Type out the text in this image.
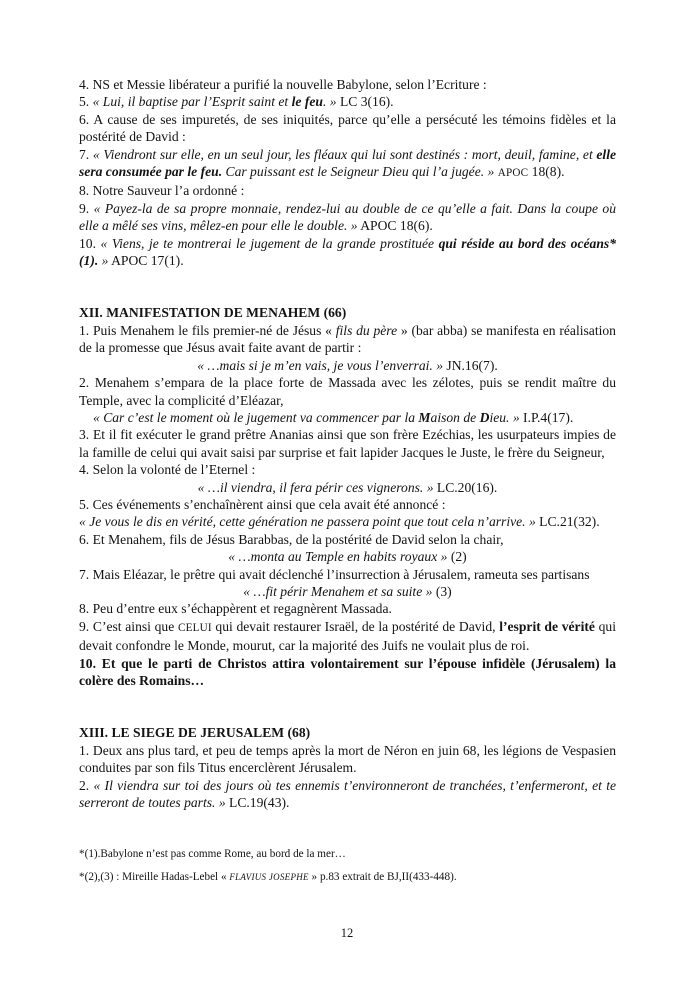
4. NS et Messie libérateur a purifié la nouvelle Babylone, selon l’Ecriture :

5. « Lui, il baptise par l’Esprit saint et le feu. » LC 3(16).

6. A cause de ses impuretés, de ses iniquités, parce qu’elle a persécuté les témoins fidèles et la postérité de David :

7. « Viendront sur elle, en un seul jour, les fléaux qui lui sont destinés : mort, deuil, famine, et elle sera consumée par le feu. Car puissant est le Seigneur Dieu qui l’a jugée. » APOC 18(8).

8. Notre Sauveur l’a ordonné :

9. « Payez-la de sa propre monnaie, rendez-lui au double de ce qu’elle a fait. Dans la coupe où elle a mêlé ses vins, mêlez-en pour elle le double. » APOC 18(6).

10. « Viens, je te montrerai le jugement de la grande prostituée qui réside au bord des océans*(1). » APOC 17(1).

XII. MANIFESTATION DE MENAHEM (66)

1. Puis Menahem le fils premier-né de Jésus « fils du père » (bar abba) se manifesta en réalisation de la promesse que Jésus avait faite avant de partir :

« …mais si je m’en vais, je vous l’enverrai. » JN.16(7).

2. Menahem s’empara de la place forte de Massada avec les zélotes, puis se rendit maître du Temple, avec la complicité d’Eléazar,

« Car c’est le moment où le jugement va commencer par la Maison de Dieu. » I.P.4(17).

3. Et il fit exécuter le grand prêtre Ananias ainsi que son frère Ezéchias, les usurpateurs impies de la famille de celui qui avait saisi par surprise et fait lapider Jacques le Juste, le frère du Seigneur,

4. Selon la volonté de l’Eternel :

« …il viendra, il fera périr ces vignerons. » LC.20(16).

5. Ces événements s’enchaînèrent ainsi que cela avait été annoncé :

« Je vous le dis en vérité, cette génération ne passera point que tout cela n’arrive. » LC.21(32).

6. Et Menahem, fils de Jésus Barabbas, de la postérité de David selon la chair,

« …monta au Temple en habits royaux » (2)

7. Mais Eléazar, le prêtre qui avait déclenché l’insurrection à Jérusalem, rameuta ses partisans

« …fit périr Menahem et sa suite » (3)

8. Peu d’entre eux s’échappèrent et regagnèrent Massada.

9. C’est ainsi que CELUI qui devait restaurer Israël, de la postérité de David, l’esprit de vérité qui devait confondre le Monde, mourut, car la majorité des Juifs ne voulait plus de roi.

10. Et que le parti de Christos attira volontairement sur l’épouse infidèle (Jérusalem) la colère des Romains…

XIII. LE SIEGE DE JERUSALEM (68)

1. Deux ans plus tard, et peu de temps après la mort de Néron en juin 68, les légions de Vespasien conduites par son fils Titus encerclèrent Jérusalem.

2. « Il viendra sur toi des jours où tes ennemis t’environneront de tranchées, t’enfermeront, et te serreront de toutes parts. » LC.19(43).

*(1).Babylone n’est pas comme Rome, au bord de la mer…

*(2),(3) : Mireille Hadas-Lebel « FLAVIUS JOSEPHE » p.83 extrait de BJ,II(433-448).

12
